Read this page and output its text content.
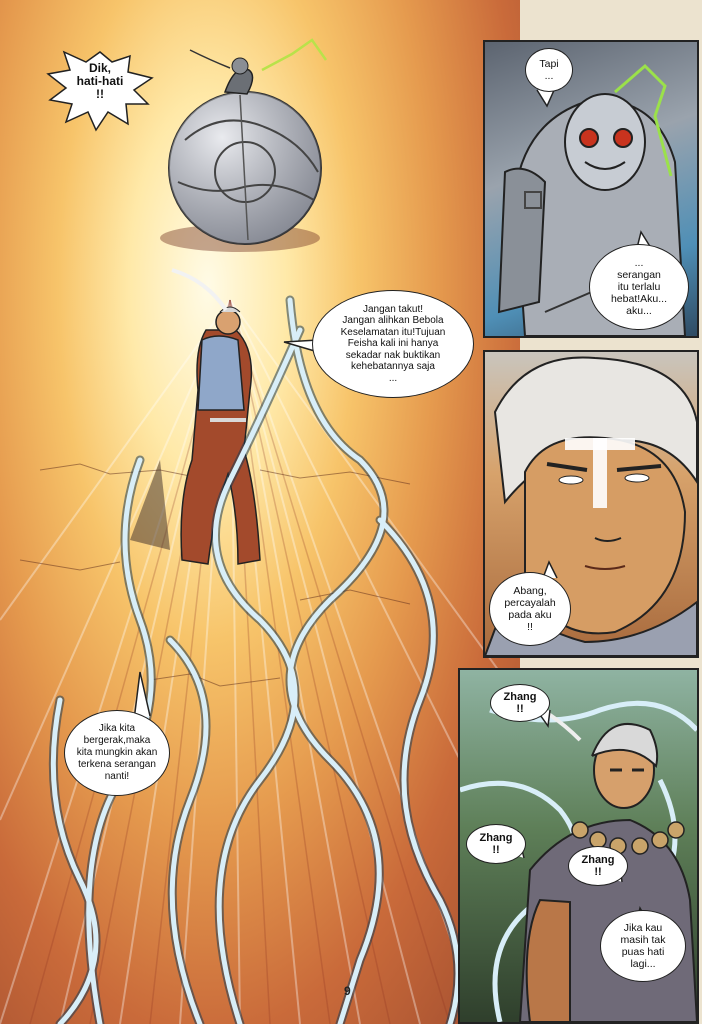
Dik,
hati-hati
!!
Jangan takut!
Jangan alihkan Bebola
Keselamatan itu!Tujuan
Feisha kali ini hanya
sekadar nak buktikan
kehebatannya saja
...
Jika kita
bergerak,maka
kita mungkin akan
terkena serangan
nanti!
Tapi
...
...
serangan
itu terlalu
hebat!Aku...
aku...
Abang,
percayalah
pada aku
!!
Zhang
!!
Zhang
!!
Zhang
!!
Jika kau
masih tak
puas hati
lagi...
9
